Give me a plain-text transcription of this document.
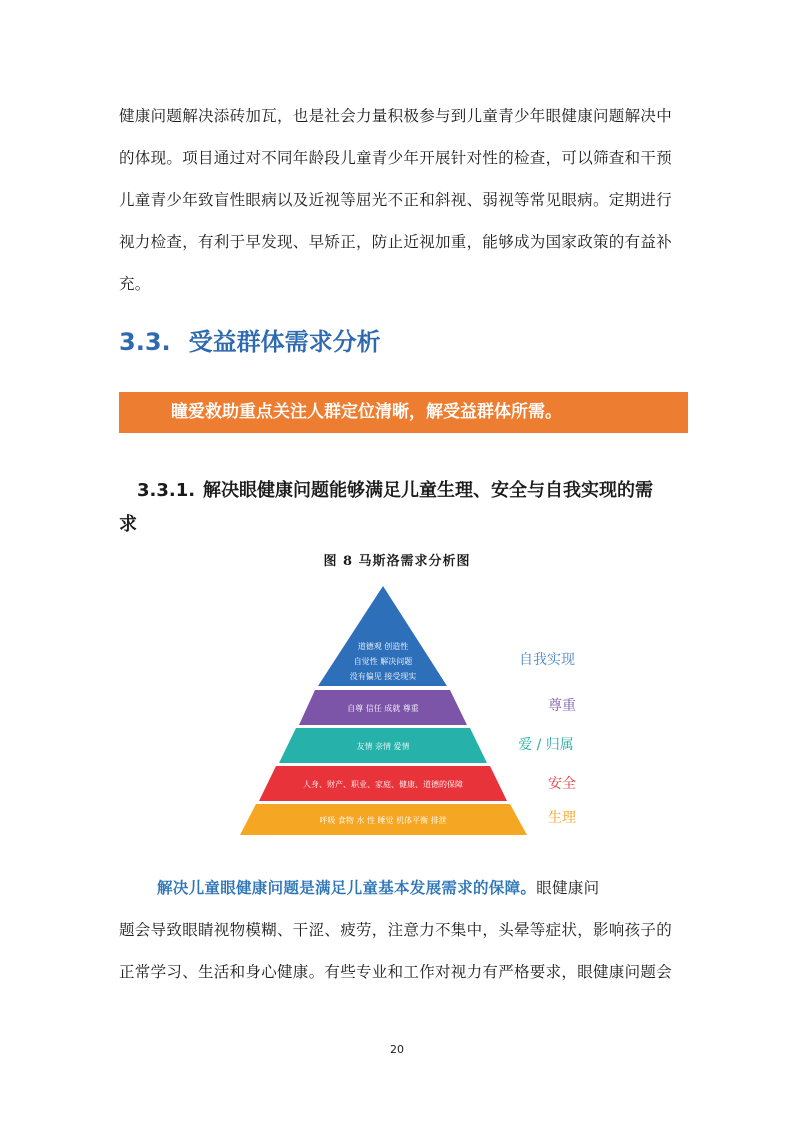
健康问题解决添砖加瓦，也是社会力量积极参与到儿童青少年眼健康问题解决中

的体现。项目通过对不同年龄段儿童青少年开展针对性的检查，可以筛查和干预

儿童青少年致盲性眼病以及近视等屈光不正和斜视、弱视等常见眼病。定期进行

视力检查，有利于早发现、早矫正，防止近视加重，能够成为国家政策的有益补

充。

3.3. 受益群体需求分析
瞳爱救助重点关注人群定位清晰，解受益群体所需。
3.3.1. 解决眼健康问题能够满足儿童生理、安全与自我实现的需
求
图 8 马斯洛需求分析图
道德观 创造性
自觉性 解决问题
没有偏见 接受现实
自尊 信任 成就 尊重
友情 亲情 爱情
人身、财产、职业、家庭、健康、道德的保障
呼吸 食物 水 性 睡觉 机体平衡 排泄
自我实现
尊重
爱 / 归属
安全
生理

解决儿童眼健康问题是满足儿童基本发展需求的保障。眼健康问

题会导致眼睛视物模糊、干涩、疲劳，注意力不集中，头晕等症状，影响孩子的

正常学习、生活和身心健康。有些专业和工作对视力有严格要求，眼健康问题会

20
